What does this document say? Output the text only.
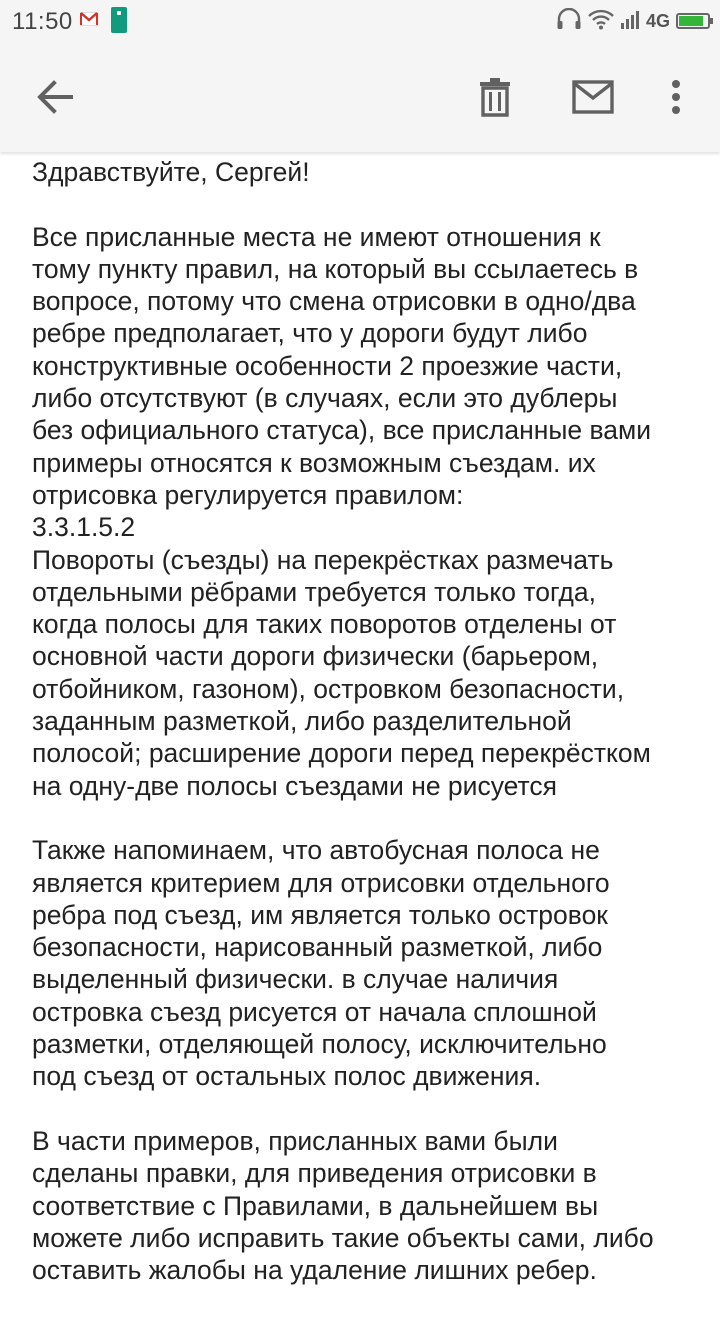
11:50	4G

Здравствуйте, Сергей!

Все присланные места не имеют отношения к
тому пункту правил, на который вы ссылаетесь в
вопросе, потому что смена отрисовки в одно/два
ребре предполагает, что у дороги будут либо
конструктивные особенности 2 проезжие части,
либо отсутствуют (в случаях, если это дублеры
без официального статуса), все присланные вами
примеры относятся к возможным съездам. их
отрисовка регулируется правилом:
3.3.1.5.2
Повороты (съезды) на перекрёстках размечать
отдельными рёбрами требуется только тогда,
когда полосы для таких поворотов отделены от
основной части дороги физически (барьером,
отбойником, газоном), островком безопасности,
заданным разметкой, либо разделительной
полосой; расширение дороги перед перекрёстком
на одну-две полосы съездами не рисуется

Также напоминаем, что автобусная полоса не
является критерием для отрисовки отдельного
ребра под съезд, им является только островок
безопасности, нарисованный разметкой, либо
выделенный физически. в случае наличия
островка съезд рисуется от начала сплошной
разметки, отделяющей полосу, исключительно
под съезд от остальных полос движения.

В части примеров, присланных вами были
сделаны правки, для приведения отрисовки в
соответствие с Правилами, в дальнейшем вы
можете либо исправить такие объекты сами, либо
оставить жалобы на удаление лишних ребер.
